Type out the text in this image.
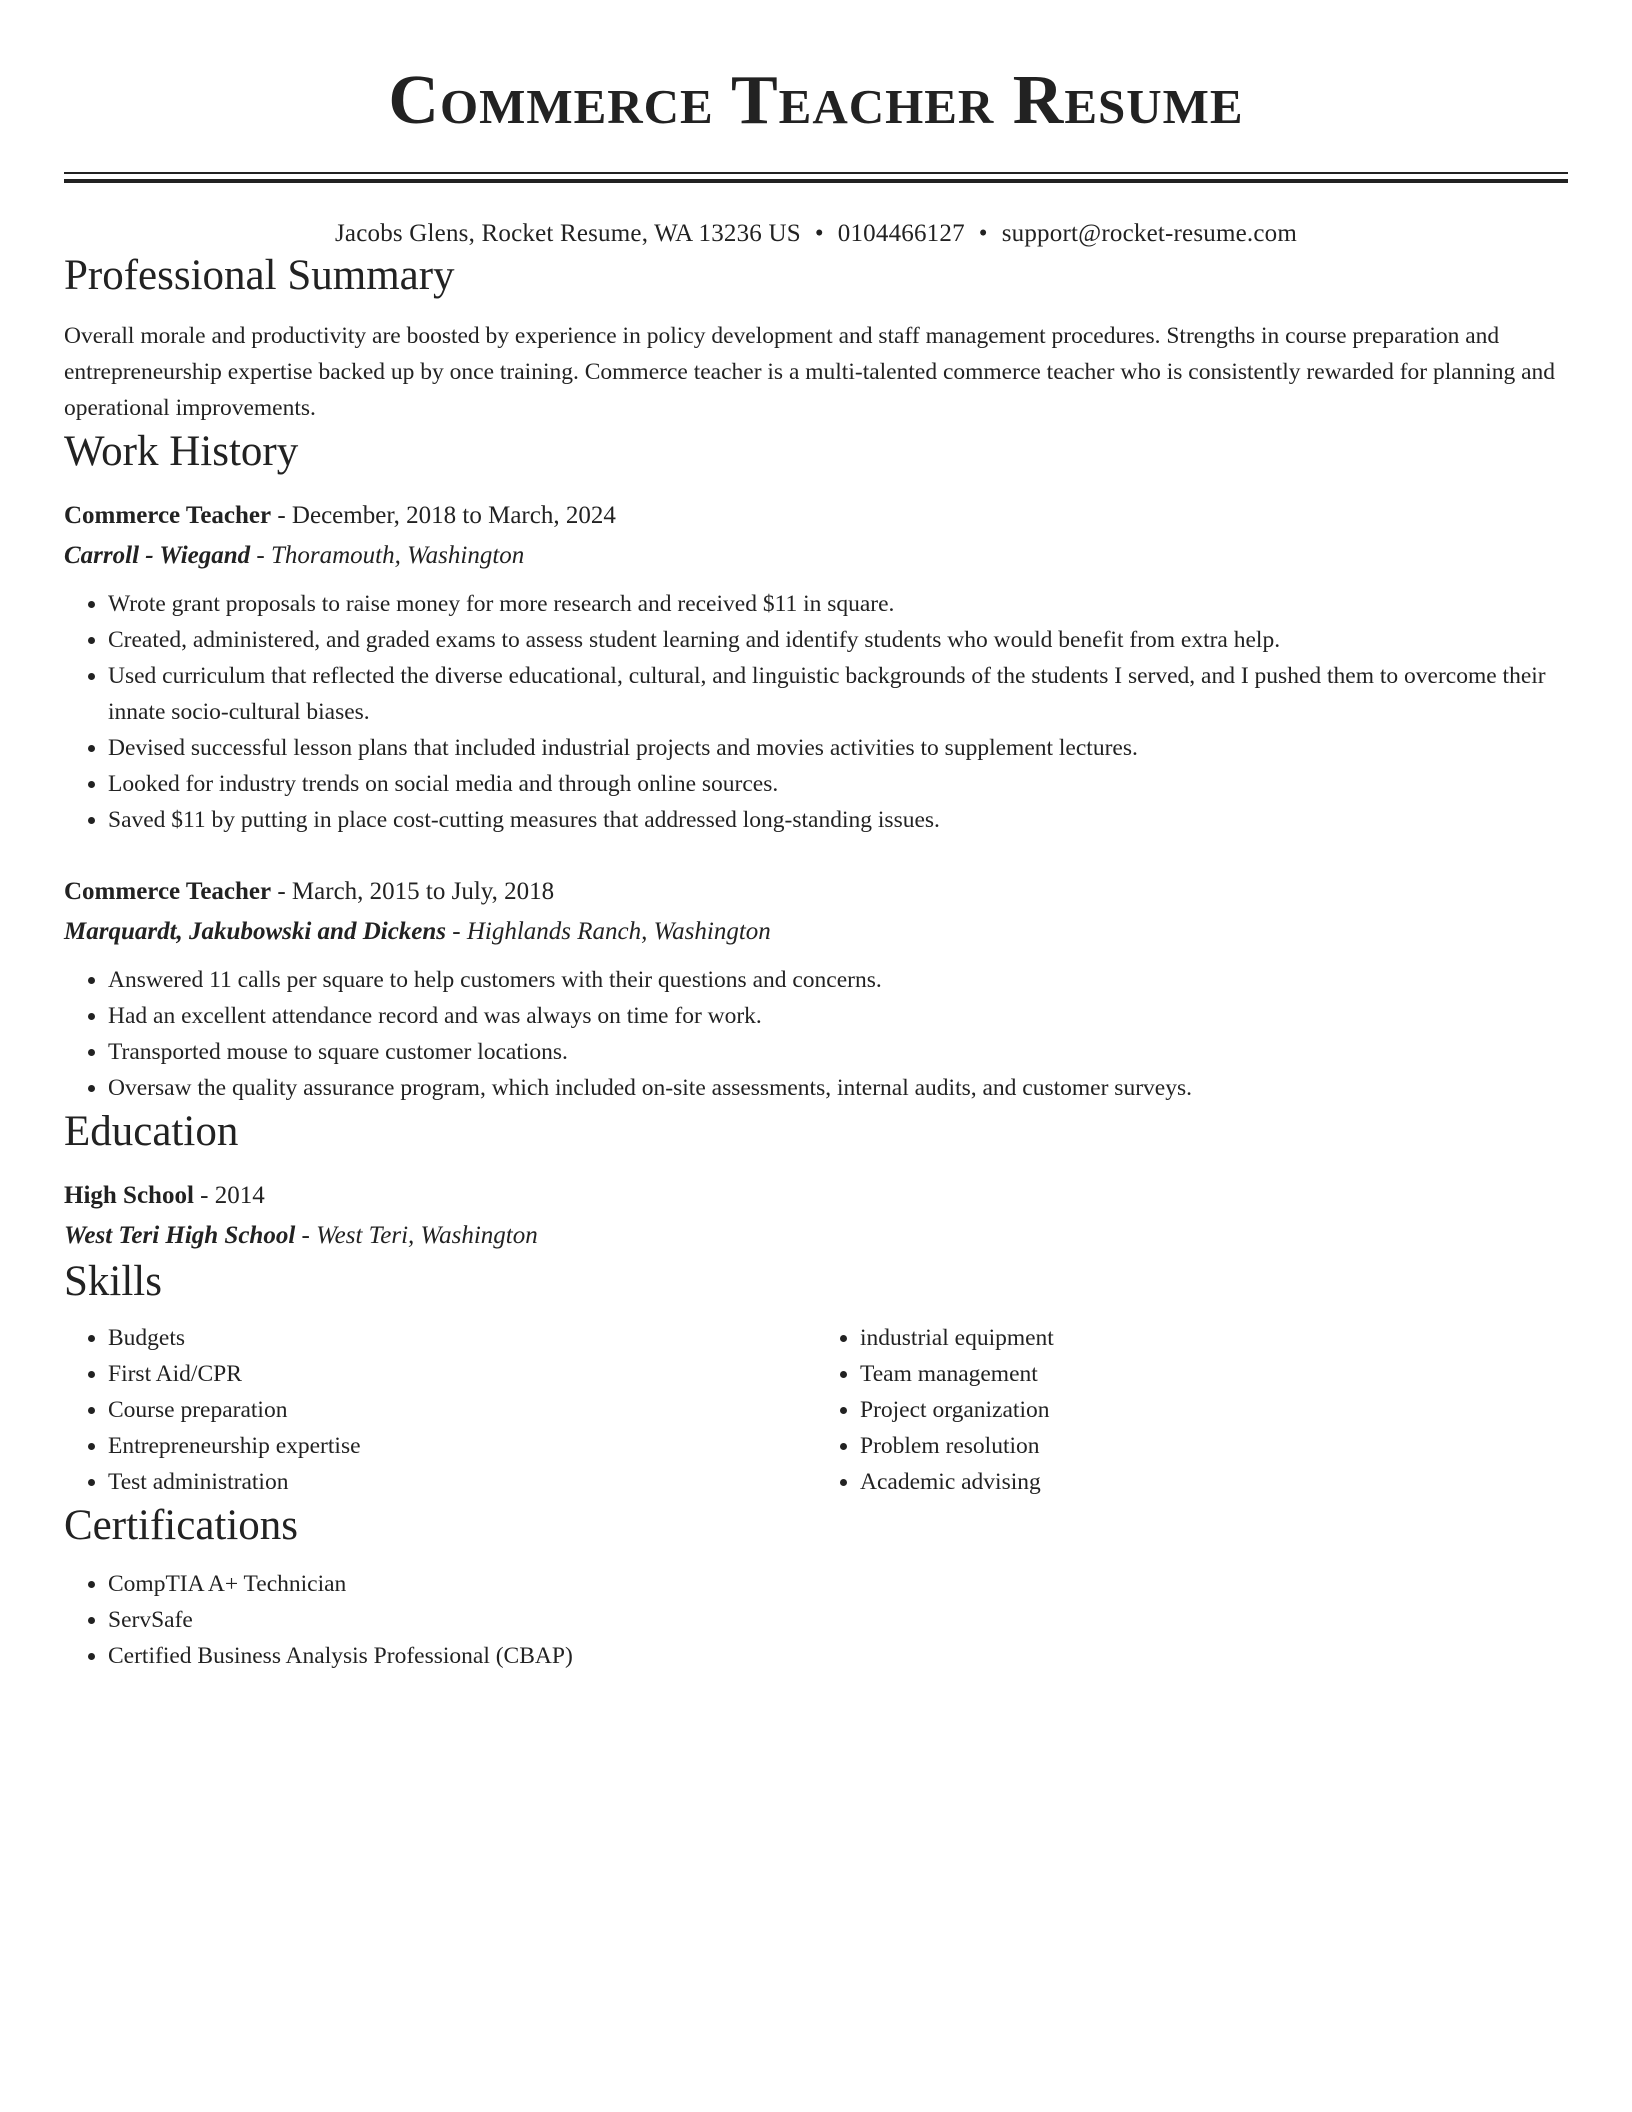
Commerce Teacher Resume
Jacobs Glens, Rocket Resume, WA 13236 US • 0104466127 • support@rocket-resume.com
Professional Summary
Overall morale and productivity are boosted by experience in policy development and staff management procedures. Strengths in course preparation and entrepreneurship expertise backed up by once training. Commerce teacher is a multi-talented commerce teacher who is consistently rewarded for planning and operational improvements.
Work History
Commerce Teacher - December, 2018 to March, 2024
Carroll - Wiegand - Thoramouth, Washington
• Wrote grant proposals to raise money for more research and received $11 in square.
• Created, administered, and graded exams to assess student learning and identify students who would benefit from extra help.
• Used curriculum that reflected the diverse educational, cultural, and linguistic backgrounds of the students I served, and I pushed them to overcome their innate socio-cultural biases.
• Devised successful lesson plans that included industrial projects and movies activities to supplement lectures.
• Looked for industry trends on social media and through online sources.
• Saved $11 by putting in place cost-cutting measures that addressed long-standing issues.
Commerce Teacher - March, 2015 to July, 2018
Marquardt, Jakubowski and Dickens - Highlands Ranch, Washington
• Answered 11 calls per square to help customers with their questions and concerns.
• Had an excellent attendance record and was always on time for work.
• Transported mouse to square customer locations.
• Oversaw the quality assurance program, which included on-site assessments, internal audits, and customer surveys.
Education
High School - 2014
West Teri High School - West Teri, Washington
Skills
• Budgets
• First Aid/CPR
• Course preparation
• Entrepreneurship expertise
• Test administration
• industrial equipment
• Team management
• Project organization
• Problem resolution
• Academic advising
Certifications
• CompTIA A+ Technician
• ServSafe
• Certified Business Analysis Professional (CBAP)
